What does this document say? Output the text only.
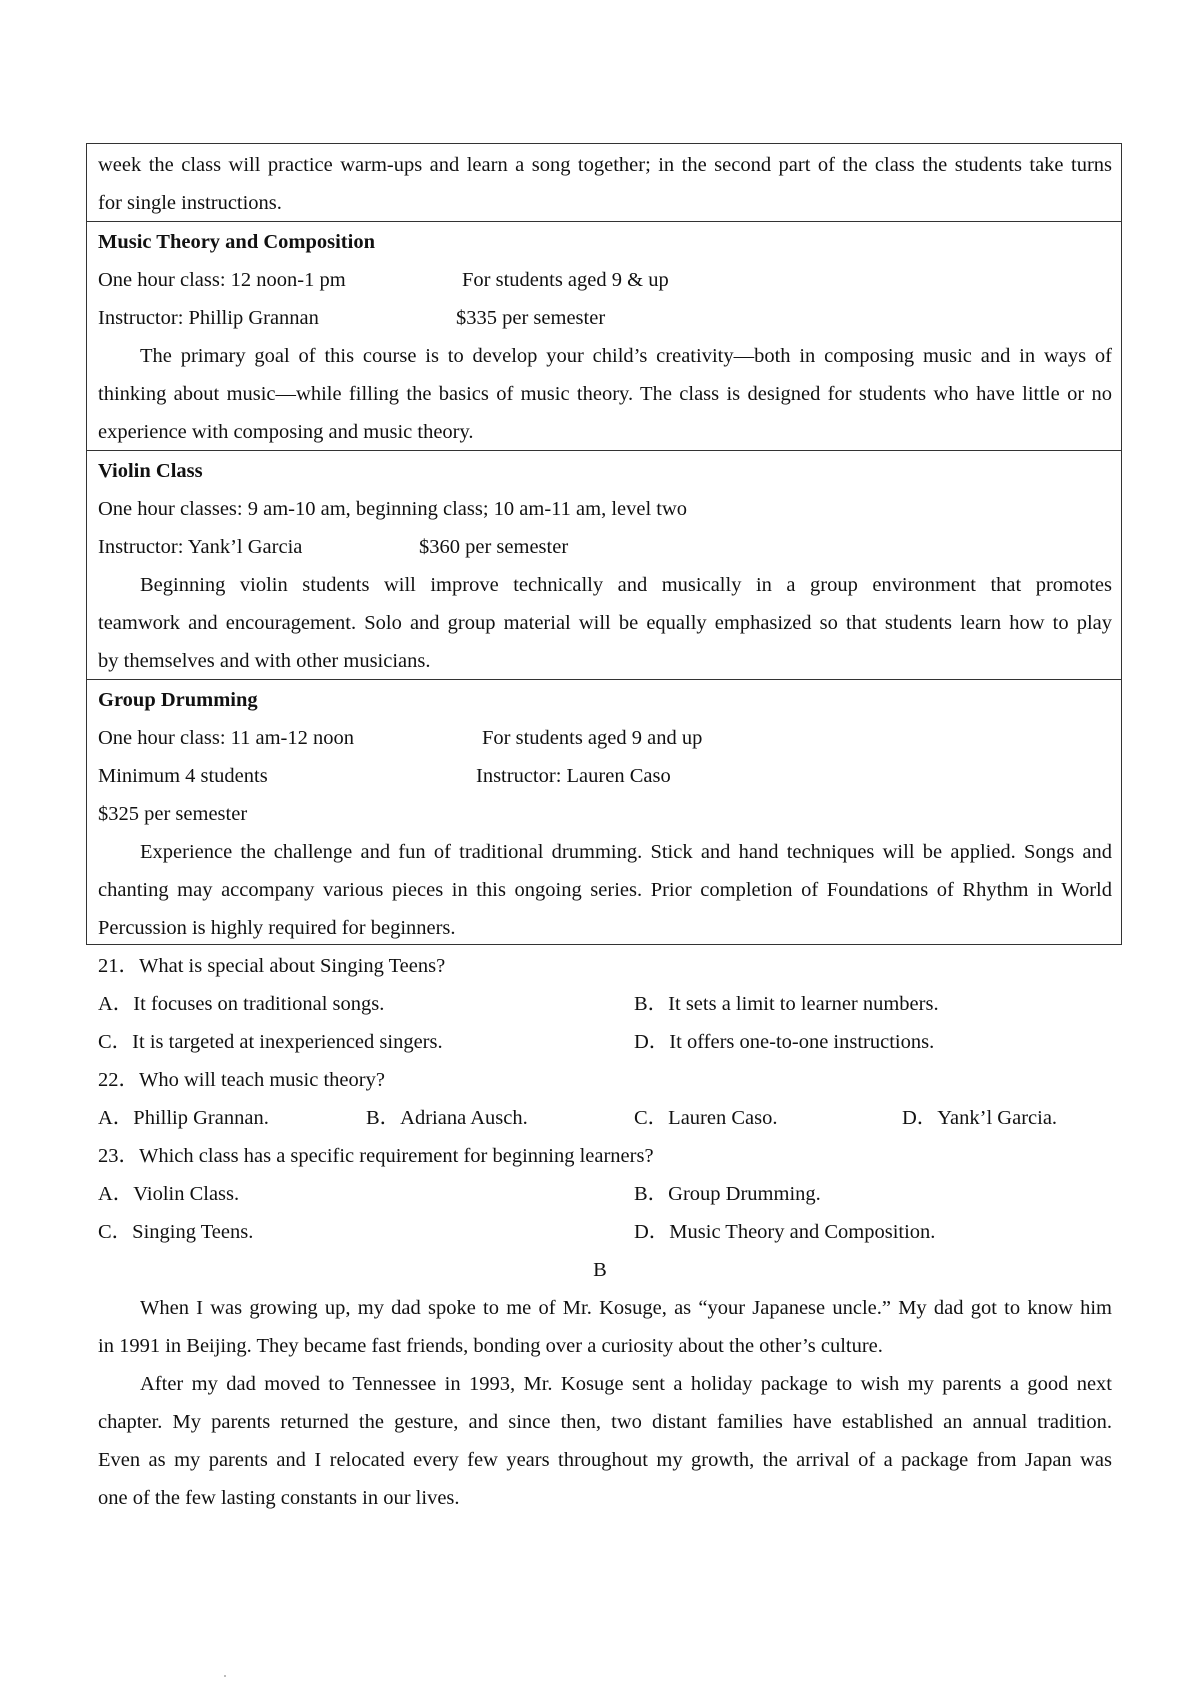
week the class will practice warm-ups and learn a song together; in the second part of the class the students take turns
for single instructions.
Music Theory and Composition
One hour class: 12 noon-1 pm	For students aged 9 & up
Instructor: Phillip Grannan	$335 per semester
The primary goal of this course is to develop your child’s creativity—both in composing music and in ways of
thinking about music—while filling the basics of music theory. The class is designed for students who have little or no
experience with composing and music theory.
Violin Class
One hour classes: 9 am-10 am, beginning class; 10 am-11 am, level two
Instructor: Yank’l Garcia	$360 per semester
Beginning violin students will improve technically and musically in a group environment that promotes
teamwork and encouragement. Solo and group material will be equally emphasized so that students learn how to play
by themselves and with other musicians.
Group Drumming
One hour class: 11 am-12 noon	For students aged 9 and up
Minimum 4 students	Instructor: Lauren Caso
$325 per semester
Experience the challenge and fun of traditional drumming. Stick and hand techniques will be applied. Songs and
chanting may accompany various pieces in this ongoing series. Prior completion of Foundations of Rhythm in World
Percussion is highly required for beginners.
21．What is special about Singing Teens?
A．It focuses on traditional songs.	B．It sets a limit to learner numbers.
C．It is targeted at inexperienced singers.	D．It offers one-to-one instructions.
22．Who will teach music theory?
A．Phillip Grannan.	B．Adriana Ausch.	C．Lauren Caso.	D．Yank’l Garcia.
23．Which class has a specific requirement for beginning learners?
A．Violin Class.	B．Group Drumming.
C．Singing Teens.	D．Music Theory and Composition.
B
When I was growing up, my dad spoke to me of Mr. Kosuge, as “your Japanese uncle.” My dad got to know him
in 1991 in Beijing. They became fast friends, bonding over a curiosity about the other’s culture.
After my dad moved to Tennessee in 1993, Mr. Kosuge sent a holiday package to wish my parents a good next
chapter. My parents returned the gesture, and since then, two distant families have established an annual tradition.
Even as my parents and I relocated every few years throughout my growth, the arrival of a package from Japan was
one of the few lasting constants in our lives.
